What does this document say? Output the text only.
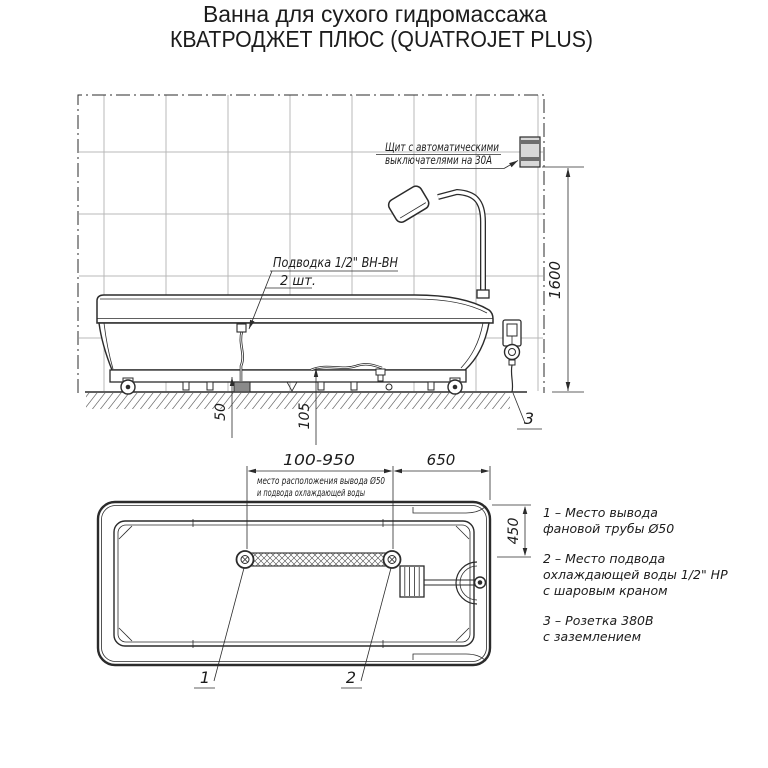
Ванна для сухого гидромассажа
КВАТРОДЖЕТ ПЛЮС (QUATROJET PLUS)
Щит с автоматическими
выключателями на 30А
Подводка 1/2" ВН-ВН
2 шт.	1600
50	105	3
1	2
100-950	650
место расположения вывода Ø50
и подвода охлаждающей воды
450
1 – Место вывода
фановой трубы Ø50
2 – Место подвода
охлаждающей воды 1/2" НР
с шаровым краном
3 – Розетка 380В
с заземлением
